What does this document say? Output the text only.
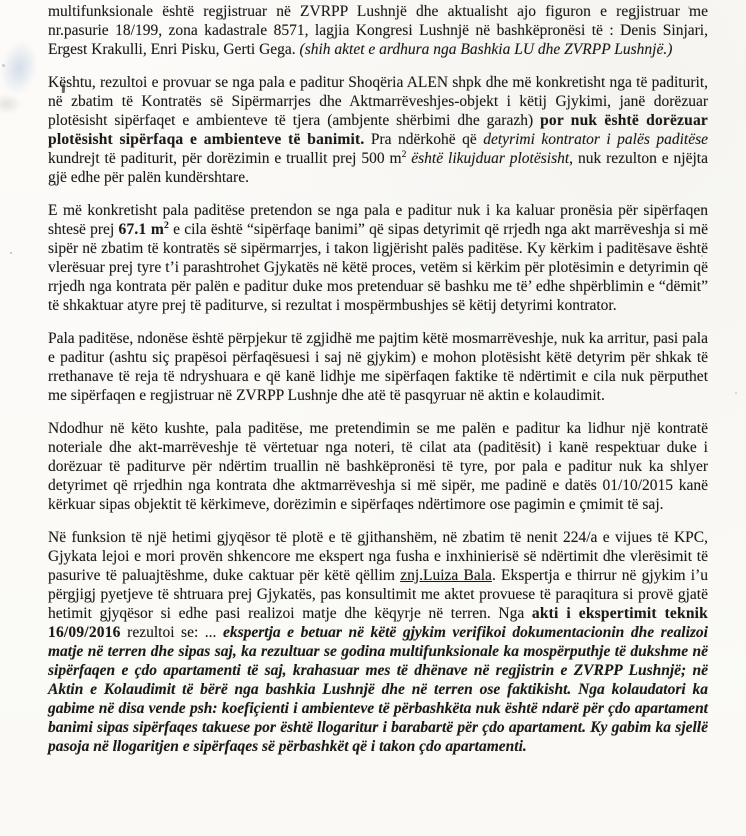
multifunksionale është regjistruar në ZVRPP Lushnjë dhe aktualisht ajo figuron e regjistruar me nr.pasurie 18/199, zona kadastrale 8571, lagjia Kongresi Lushnjë në bashkëpronësi të : Denis Sinjari, Ergest Krakulli, Enri Pisku, Gerti Gega. (shih aktet e ardhura nga Bashkia LU dhe ZVRPP Lushnjë.)

Kështu, rezultoi e provuar se nga pala e paditur Shoqëria ALEN shpk dhe më konkretisht nga të paditurit, në zbatim të Kontratës së Sipërmarrjes dhe Aktmarrëveshjes-objekt i këtij Gjykimi, janë dorëzuar plotësisht sipërfaqet e ambienteve të tjera (ambjente shërbimi dhe garazh) por nuk është dorëzuar plotësisht sipërfaqa e ambienteve të banimit. Pra ndërkohë që detyrimi kontrator i palës paditëse kundrejt të paditurit, për dorëzimin e truallit prej 500 $m^2$ është likujduar plotësisht, nuk rezulton e njëjta gjë edhe për palën kundërshtare.

E më konkretisht pala paditëse pretendon se nga pala e paditur nuk i ka kaluar pronësia për sipërfaqen shtesë prej 67.1 $m^2$ e cila është “sipërfaqe banimi” që sipas detyrimit që rrjedh nga akt marrëveshja si më sipër në zbatim të kontratës së sipërmarrjes, i takon ligjërisht palës paditëse. Ky kërkim i paditësave është vlerësuar prej tyre t’i parashtrohet Gjykatës në këtë proces, vetëm si kërkim për plotësimin e detyrimin që rrjedh nga kontrata për palën e paditur duke mos pretenduar së bashku me të’ edhe shpërblimin e “dëmit” të shkaktuar atyre prej të paditurve, si rezultat i mospërmbushjes së këtij detyrimi kontrator.

Pala paditëse, ndonëse është përpjekur të zgjidhë me pajtim këtë mosmarrëveshje, nuk ka arritur, pasi pala e paditur (ashtu siç prapësoi përfaqësuesi i saj në gjykim) e mohon plotësisht këtë detyrim për shkak të rrethanave të reja të ndryshuara e që kanë lidhje me sipërfaqen faktike të ndërtimit e cila nuk përputhet me sipërfaqen e regjistruar në ZVRPP Lushnje dhe atë të pasqyruar në aktin e kolaudimit.

Ndodhur në këto kushte, pala paditëse, me pretendimin se me palën e paditur ka lidhur një kontratë noteriale dhe akt-marrëveshje të vërtetuar nga noteri, të cilat ata (paditësit) i kanë respektuar duke i dorëzuar të paditurve për ndërtim truallin në bashkëpronësi të tyre, por pala e paditur nuk ka shlyer detyrimet që rrjedhin nga kontrata dhe aktmarrëveshja si më sipër, me padinë e datës 01/10/2015 kanë kërkuar sipas objektit të kërkimeve, dorëzimin e sipërfaqes ndërtimore ose pagimin e çmimit të saj.

Në funksion të një hetimi gjyqësor të plotë e të gjithanshëm, në zbatim të nenit 224/a e vijues të KPC, Gjykata lejoi e mori provën shkencore me ekspert nga fusha e inxhinierisë së ndërtimit dhe vlerësimit të pasurive të paluajtëshme, duke caktuar për këtë qëllim znj.Luiza Bala. Ekspertja e thirrur në gjykim i’u përgjigj pyetjeve të shtruara prej Gjykatës, pas konsultimit me aktet provuese të paraqitura si provë gjatë hetimit gjyqësor si edhe pasi realizoi matje dhe këqyrje në terren. Nga akti i ekspertimit teknik 16/09/2016 rezultoi se: ... ekspertja e betuar në këtë gjykim verifikoi dokumentacionin dhe realizoi matje në terren dhe sipas saj, ka rezultuar se godina multifunksionale ka mospërputhje të dukshme në sipërfaqen e çdo apartamenti të saj, krahasuar mes të dhënave në regjistrin e ZVRPP Lushnjë; në Aktin e Kolaudimit të bërë nga bashkia Lushnjë dhe në terren ose faktikisht. Nga kolaudatori ka gabime në disa vende psh: koefiçienti i ambienteve të përbashkëta nuk është ndarë për çdo apartament banimi sipas sipërfaqes takuese por është llogaritur i barabartë për çdo apartament. Ky gabim ka sjellë pasoja në llogaritjen e sipërfaqes së përbashkët që i takon çdo apartamenti.
